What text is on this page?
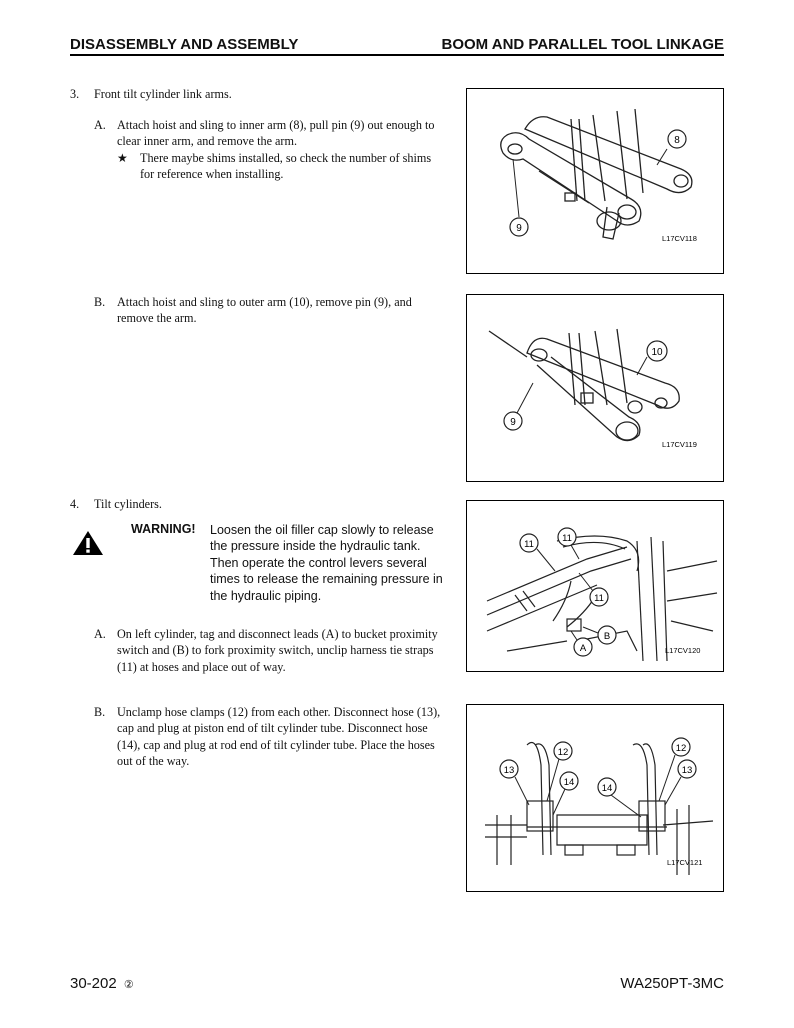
DISASSEMBLY AND ASSEMBLY	BOOM AND PARALLEL TOOL LINKAGE
3. Front tilt cylinder link arms.
A. Attach hoist and sling to inner arm (8), pull pin (9) out enough to
clear inner arm, and remove the arm.
★ There maybe shims installed, so check the number of shims
for reference when installing.
B. Attach hoist and sling to outer arm (10), remove pin (9), and
remove the arm.
8
9
L17CV118
10
9
L17CV119
4. Tilt cylinders.
WARNING! Loosen the oil filler cap slowly to release
the pressure inside the hydraulic tank.
Then operate the control levers several
times to release the remaining pressure in
the hydraulic piping.
A. On left cylinder, tag and disconnect leads (A) to bucket proximity
switch and (B) to fork proximity switch, unclip harness tie straps
(11) at hoses and place out of way.
B. Unclamp hose clamps (12) from each other. Disconnect hose (13),
cap and plug at piston end of tilt cylinder tube. Disconnect hose
(14), cap and plug at rod end of tilt cylinder tube. Place the hoses
out of the way.
11
11
11
B
A	L17CV120
12
13
14
14
12
13
L17CV121
30-202 ②	WA250PT-3MC
